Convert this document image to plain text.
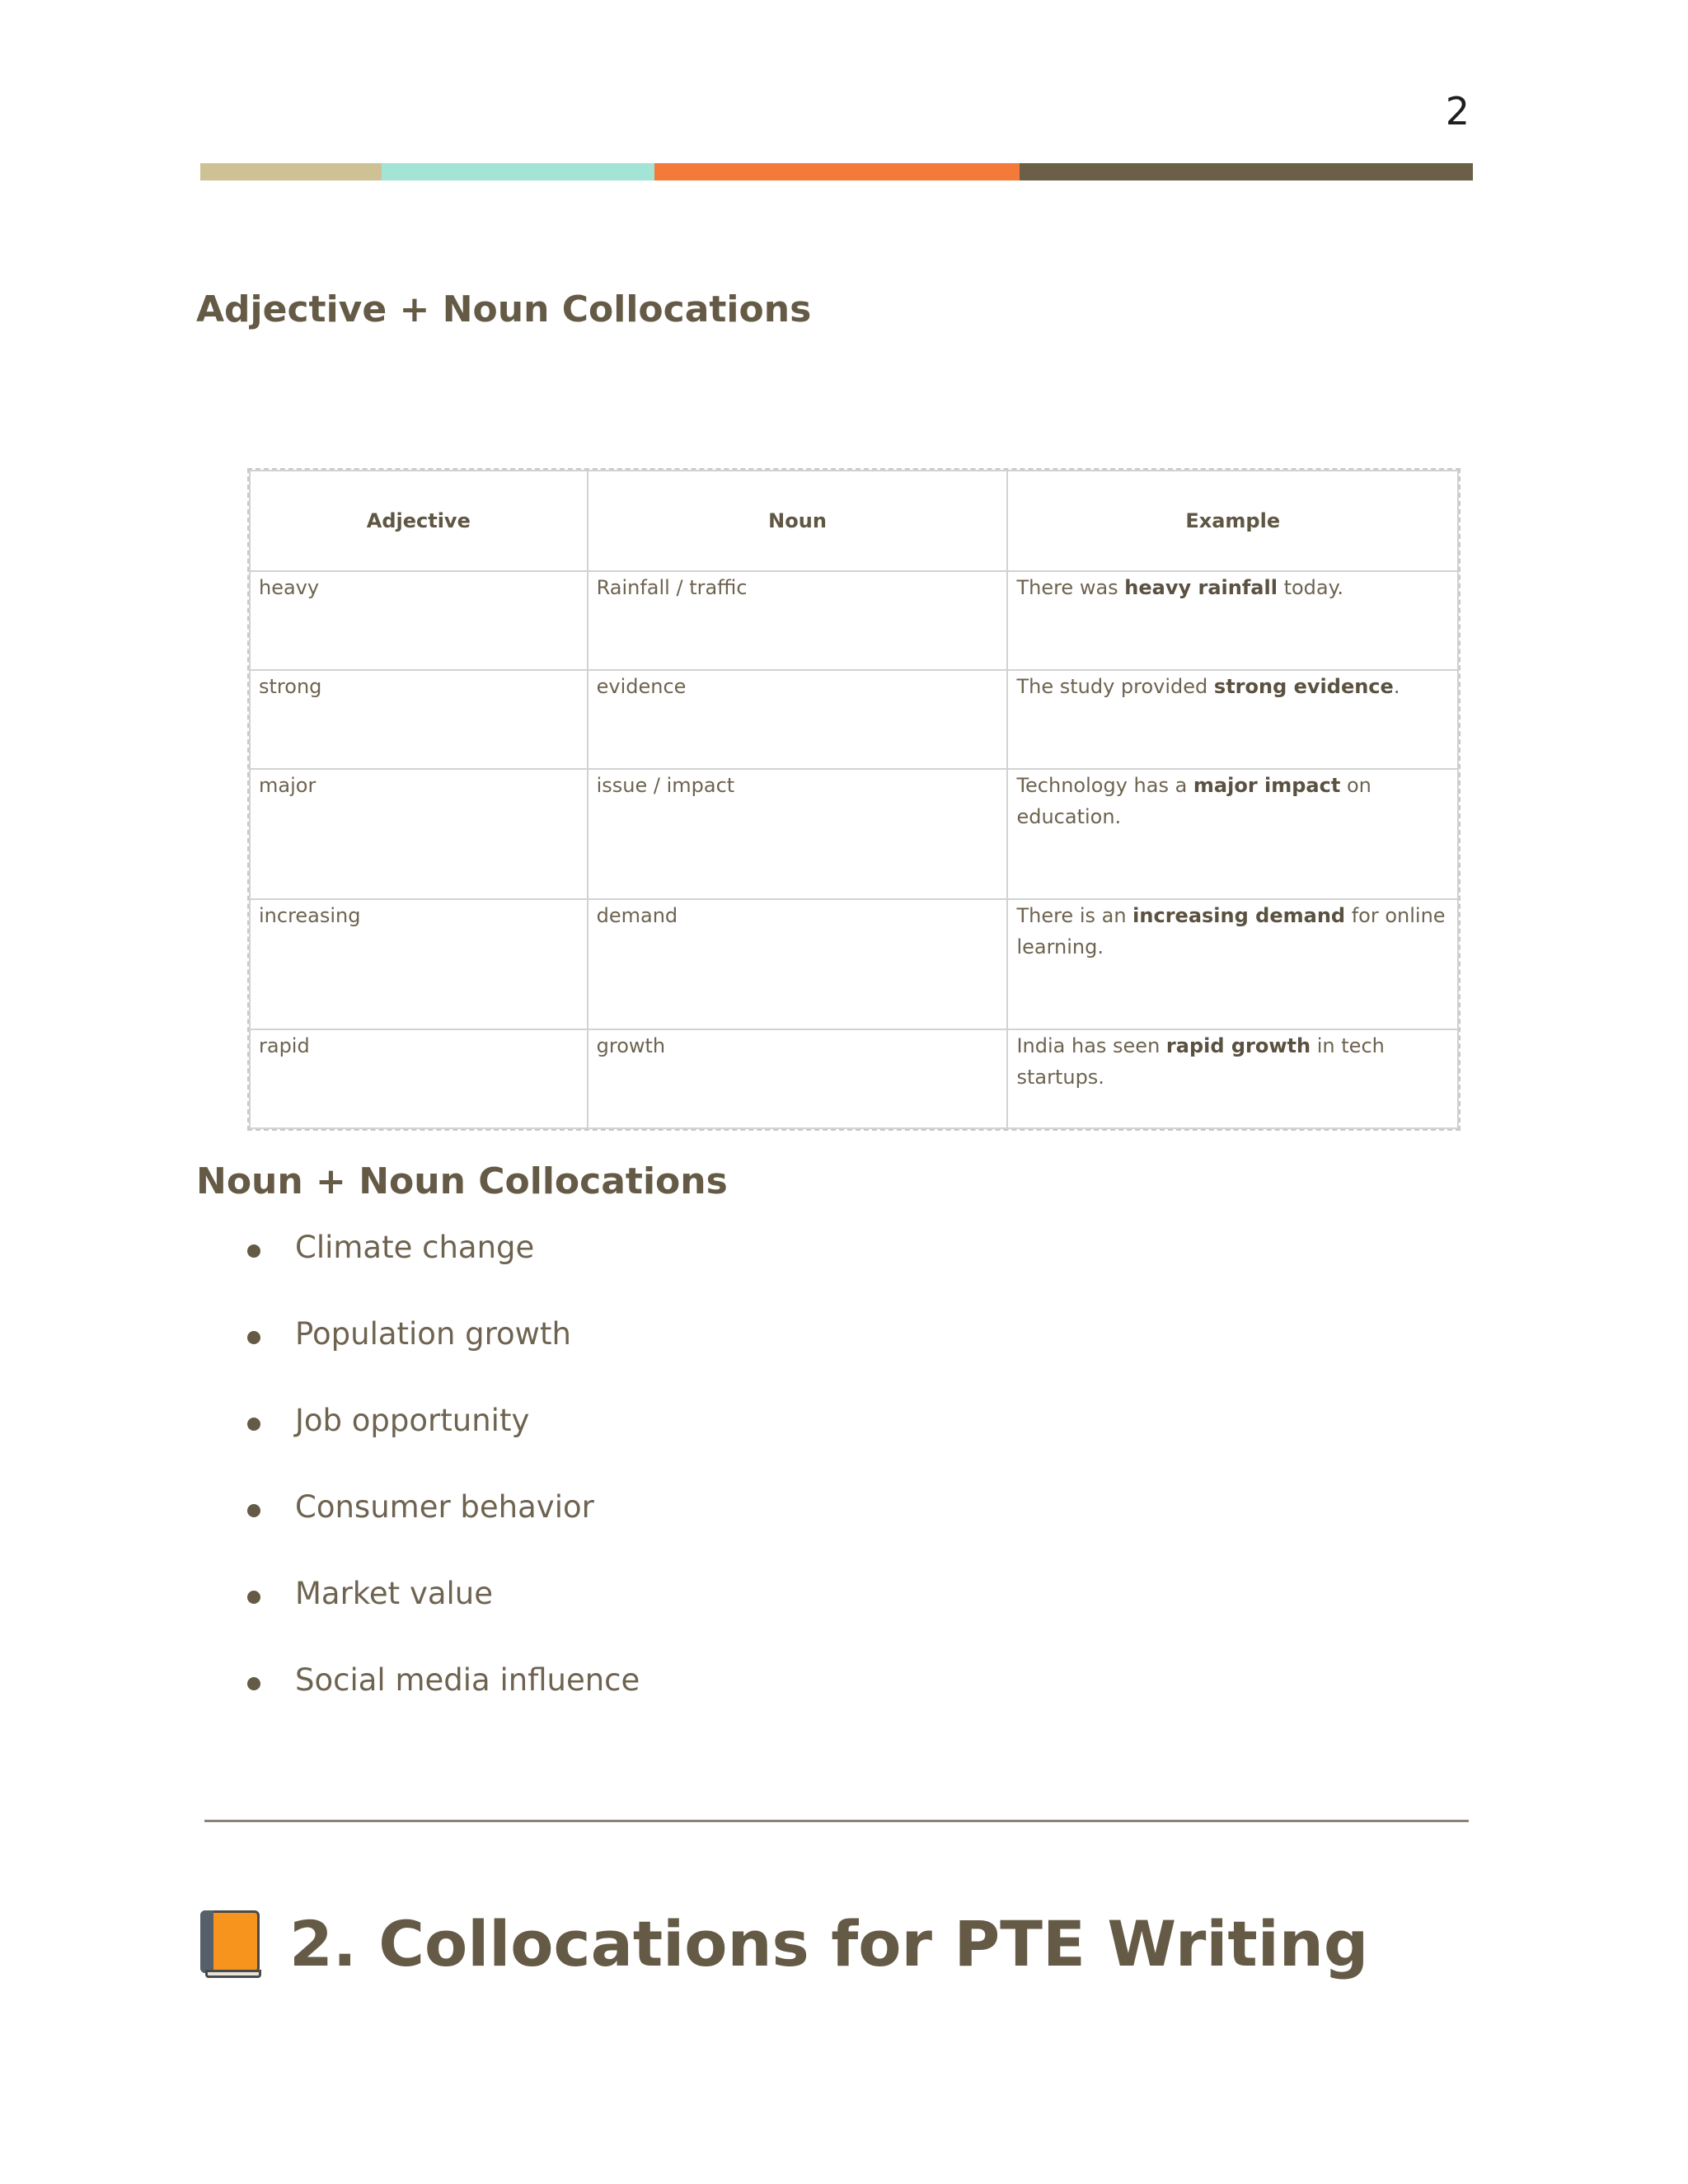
2
Adjective + Noun Collocations
Adjective	Noun	Example
heavy	Rainfall / traffic	There was heavy rainfall today.
strong	evidence	The study provided strong evidence.
major	issue / impact	Technology has a major impact on education.
increasing	demand	There is an increasing demand for online learning.
rapid	growth	India has seen rapid growth in tech startups.
Noun + Noun Collocations
Climate change
Population growth
Job opportunity
Consumer behavior
Market value
Social media influence
2. Collocations for PTE Writing
